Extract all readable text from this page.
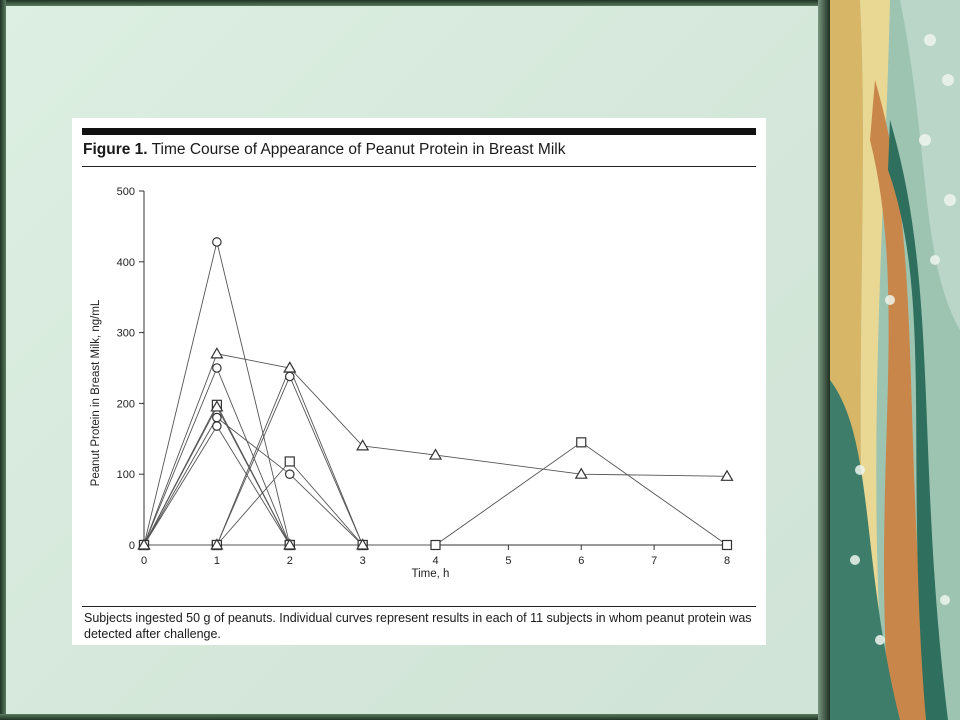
Figure 1. Time Course of Appearance of Peanut Protein in Breast Milk
0	1	2	3	4	5	6	7	8
0
100
200
300
400
500
Time, h
Peanut Protein in Breast Milk, ng/mL
Subjects ingested 50 g of peanuts. Individual curves represent results in each of 11 subjects in whom peanut protein was detected after challenge.
